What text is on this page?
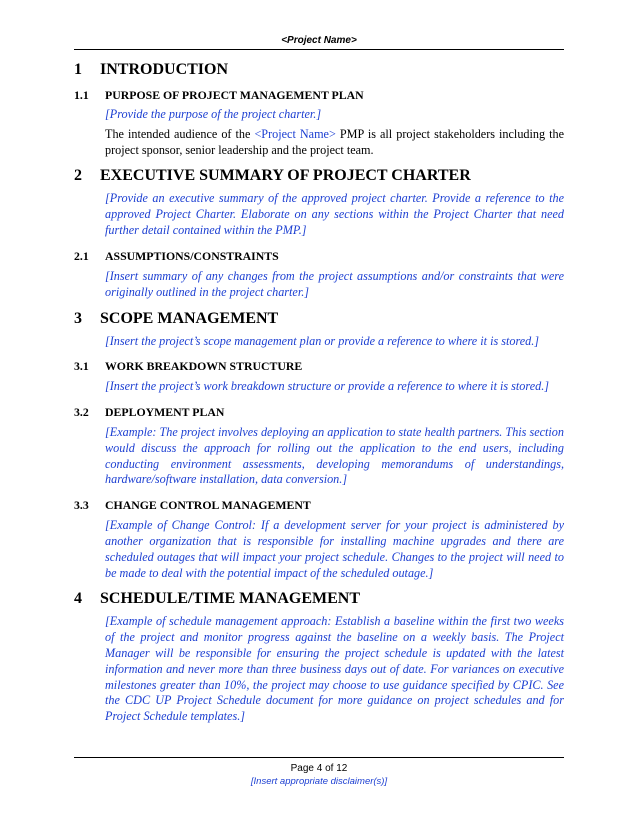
<Project Name>
1	INTRODUCTION
1.1	PURPOSE OF PROJECT MANAGEMENT PLAN
[Provide the purpose of the project charter.]
The intended audience of the <Project Name> PMP is all project stakeholders including the project sponsor, senior leadership and the project team.
2	EXECUTIVE SUMMARY OF PROJECT CHARTER
[Provide an executive summary of the approved project charter. Provide a reference to the approved Project Charter. Elaborate on any sections within the Project Charter that need further detail contained within the PMP.]
2.1	ASSUMPTIONS/CONSTRAINTS
[Insert summary of any changes from the project assumptions and/or constraints that were originally outlined in the project charter.]
3	SCOPE MANAGEMENT
[Insert the project’s scope management plan or provide a reference to where it is stored.]
3.1	WORK BREAKDOWN STRUCTURE
[Insert the project’s work breakdown structure or provide a reference to where it is stored.]
3.2	DEPLOYMENT PLAN
[Example: The project involves deploying an application to state health partners. This section would discuss the approach for rolling out the application to the end users, including conducting environment assessments, developing memorandums of understandings, hardware/software installation, data conversion.]
3.3	CHANGE CONTROL MANAGEMENT
[Example of Change Control: If a development server for your project is administered by another organization that is responsible for installing machine upgrades and there are scheduled outages that will impact your project schedule. Changes to the project will need to be made to deal with the potential impact of the scheduled outage.]
4	SCHEDULE/TIME MANAGEMENT
[Example of schedule management approach: Establish a baseline within the first two weeks of the project and monitor progress against the baseline on a weekly basis. The Project Manager will be responsible for ensuring the project schedule is updated with the latest information and never more than three business days out of date. For variances on executive milestones greater than 10%, the project may choose to use guidance specified by CPIC. See the CDC UP Project Schedule document for more guidance on project schedules and for Project Schedule templates.]
Page 4 of 12
[Insert appropriate disclaimer(s)]
